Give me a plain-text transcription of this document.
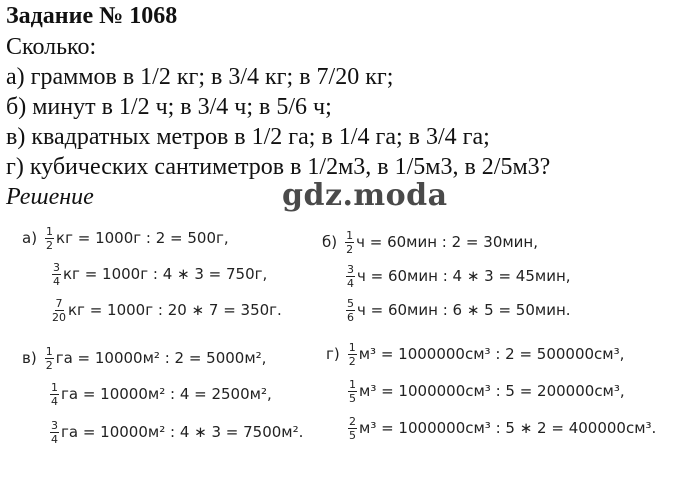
Задание № 1068
Сколько:
а) граммов в 1/2 кг; в 3/4 кг; в 7/20 кг;
б) минут в 1/2 ч; в 3/4 ч; в 5/6 ч;
в) квадратных метров в 1/2 га; в 1/4 га; в 3/4 га;
г) кубических сантиметров в 1/2м3, в 1/5м3, в 2/5м3?
Решение	gdz.moda
а) 1
2 кг = 1000г : 2 = 500г,
3
4 кг = 1000г : 4 ∗ 3 = 750г,
7
20 кг = 1000г : 20 ∗ 7 = 350г.
б) 1
2 ч = 60мин : 2 = 30мин,
3
4 ч = 60мин : 4 ∗ 3 = 45мин,
5
6 ч = 60мин : 6 ∗ 5 = 50мин.
в) 1
2 га = 10000м² : 2 = 5000м²,
1
4 га = 10000м² : 4 = 2500м²,
3
4 га = 10000м² : 4 ∗ 3 = 7500м².
г) 1
2 м³ = 1000000см³ : 2 = 500000см³,
1
5 м³ = 1000000см³ : 5 = 200000см³,
2
5 м³ = 1000000см³ : 5 ∗ 2 = 400000см³.
